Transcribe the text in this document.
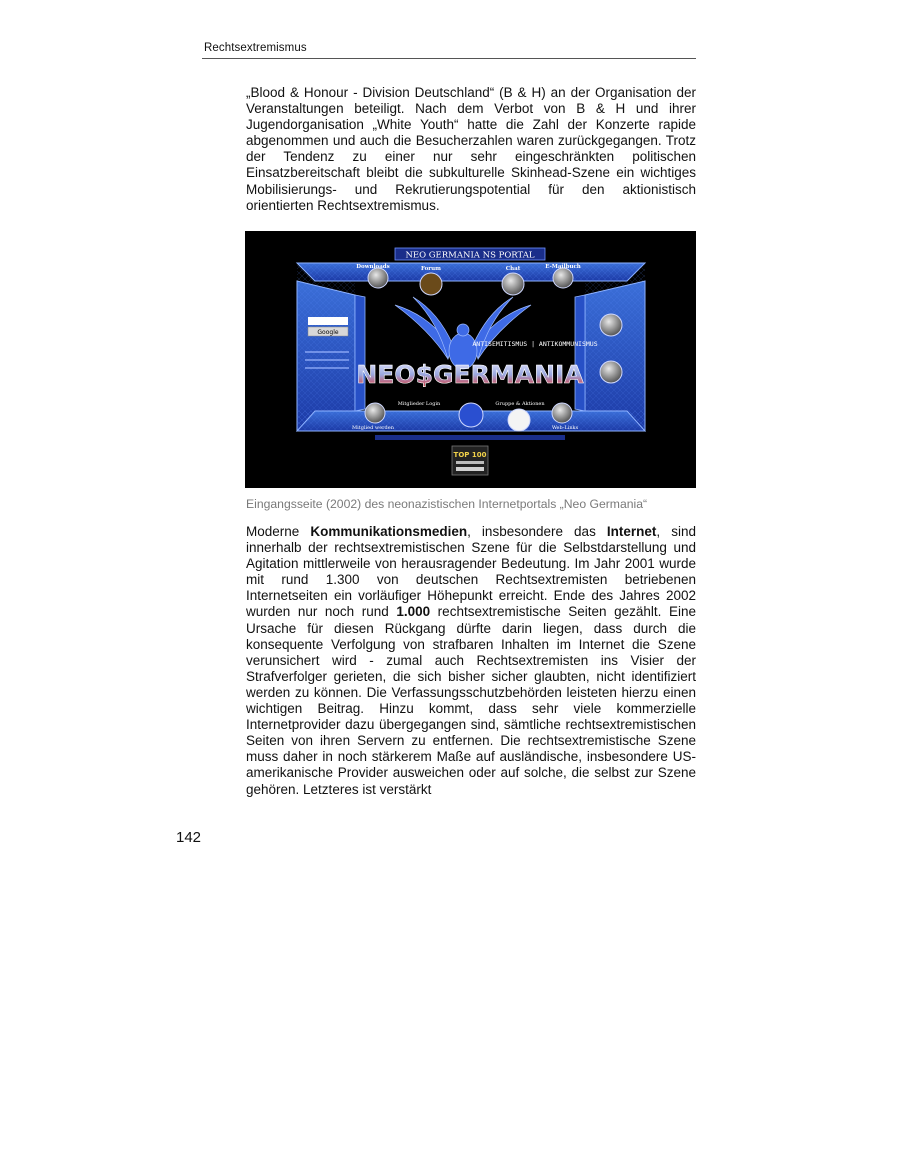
Rechtsextremismus

„Blood & Honour - Division Deutschland“ (B & H) an der Organisation der Veranstaltungen beteiligt. Nach dem Verbot von B & H und ihrer Jugendorganisation „White Youth“ hatte die Zahl der Konzerte rapide abgenommen und auch die Besucherzahlen waren zurückgegangen. Trotz der Tendenz zu einer nur sehr eingeschränkten politischen Einsatzbereitschaft bleibt die subkulturelle Skinhead-Szene ein wichtiges Mobilisierungs- und Rekrutierungspotential für den aktionistisch orientierten Rechtsextremismus.

NEO GERMANIA NS PORTAL
Downloads	Forum	Chat	E-Mailbuch
Google
Mitglied werden
Mitglieder Login	Gruppe & Aktionen
Web-Links
ANTISEMITISMUS | ANTIKOMMUNISMUS
NEO$GERMANIA
TOP 100
Eingangsseite (2002) des neonazistischen Internetportals „Neo Germania“

Moderne Kommunikationsmedien, insbesondere das Internet, sind innerhalb der rechtsextremistischen Szene für die Selbstdarstellung und Agitation mittlerweile von herausragender Bedeutung. Im Jahr 2001 wurde mit rund 1.300 von deutschen Rechtsextremisten betriebenen Internetseiten ein vorläufiger Höhepunkt erreicht. Ende des Jahres 2002 wurden nur noch rund 1.000 rechtsextremistische Seiten gezählt. Eine Ursache für diesen Rückgang dürfte darin liegen, dass durch die konsequente Verfolgung von strafbaren Inhalten im Internet die Szene verunsichert wird - zumal auch Rechtsextremisten ins Visier der Strafverfolger gerieten, die sich bisher sicher glaubten, nicht identifiziert werden zu können. Die Verfassungsschutzbehörden leisteten hierzu einen wichtigen Beitrag. Hinzu kommt, dass sehr viele kommerzielle Internetprovider dazu übergegangen sind, sämtliche rechtsextremistischen Seiten von ihren Servern zu entfernen. Die rechtsextremistische Szene muss daher in noch stärkerem Maße auf ausländische, insbesondere US-amerikanische Provider ausweichen oder auf solche, die selbst zur Szene gehören. Letzteres ist verstärkt

142
